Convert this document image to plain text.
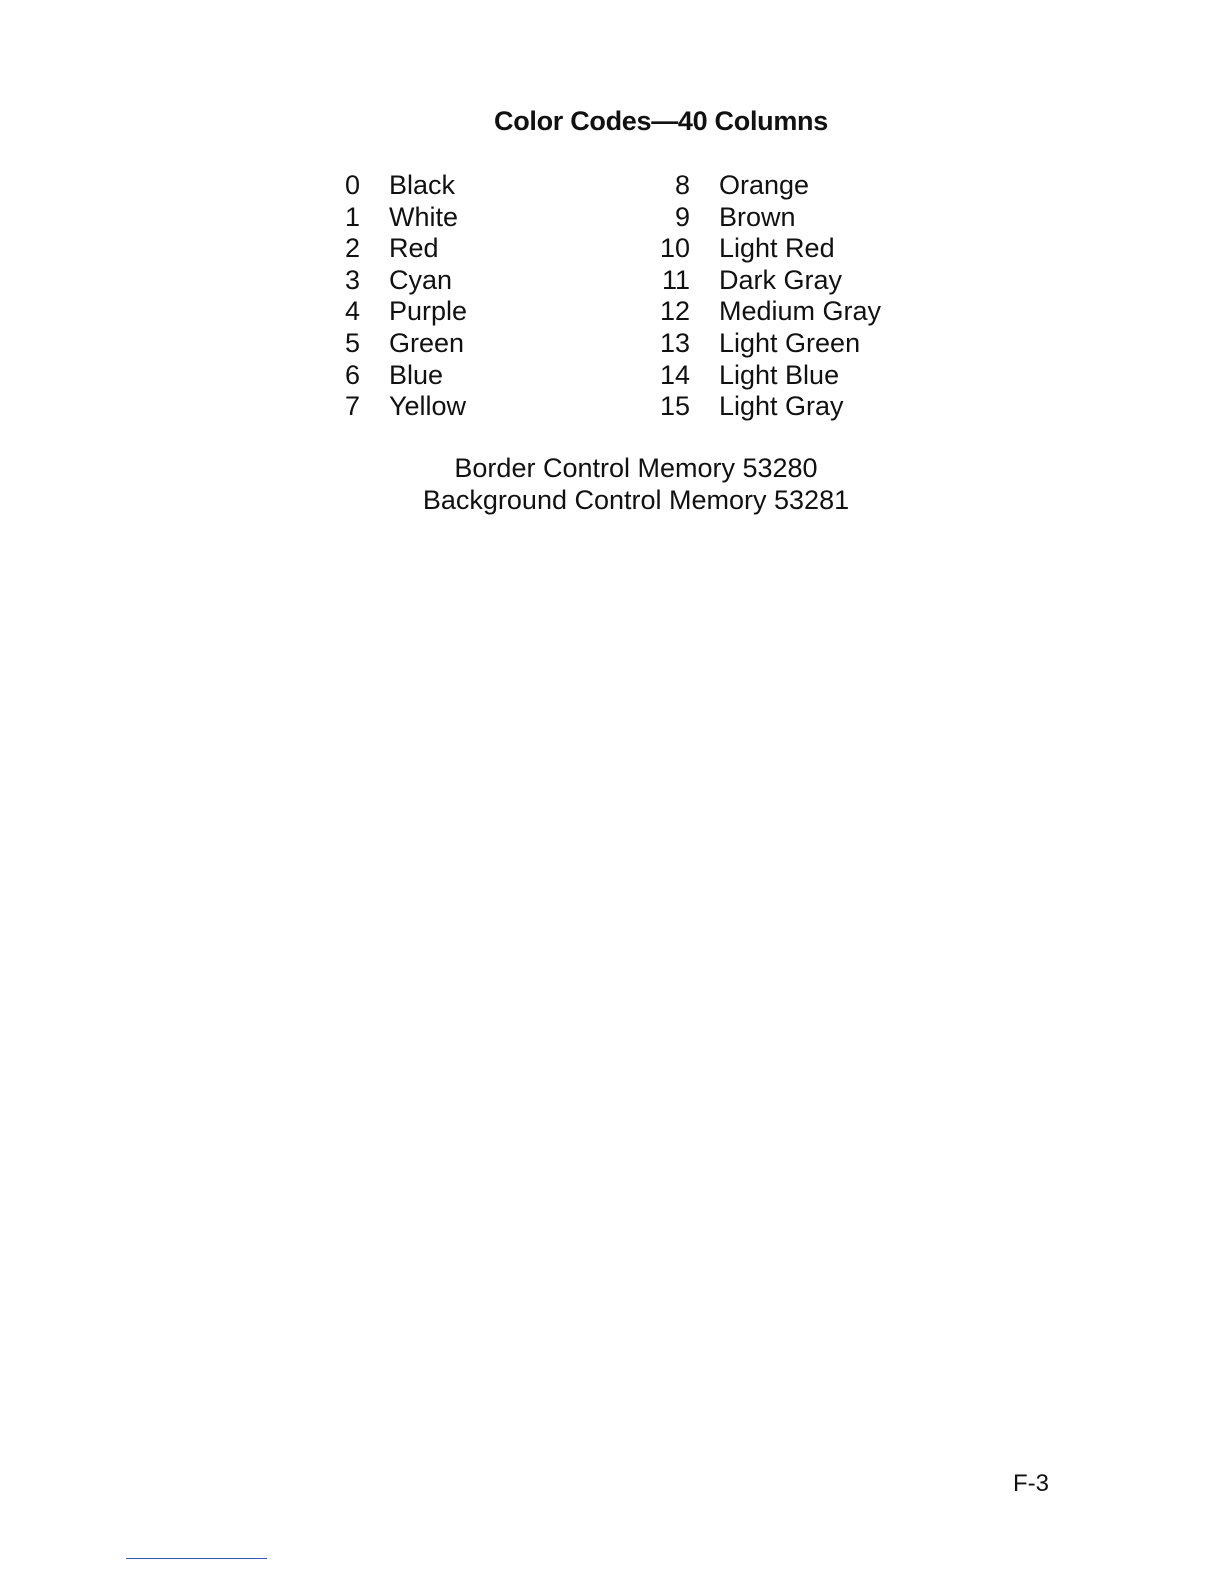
Color Codes—40 Columns
0 Black
1 White
2 Red
3 Cyan
4 Purple
5 Green
6 Blue
7 Yellow
8 Orange
9 Brown
10 Light Red
11 Dark Gray
12 Medium Gray
13 Light Green
14 Light Blue
15 Light Gray
Border Control Memory 53280
Background Control Memory 53281
F-3
